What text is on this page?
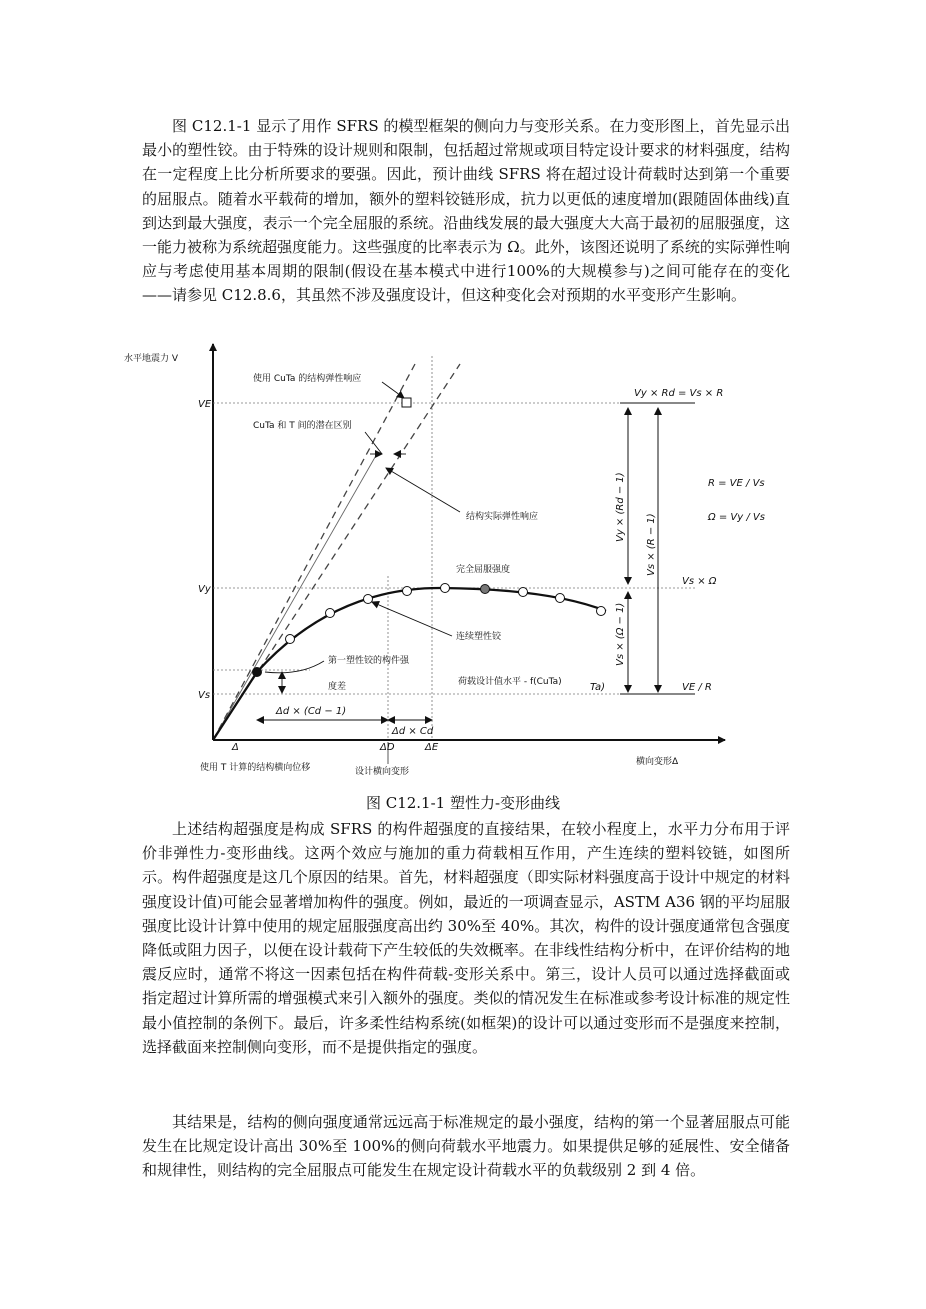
图 C12.1-1 显示了用作 SFRS 的模型框架的侧向力与变形关系。在力变形图上，首先显示出最小的塑性铰。由于特殊的设计规则和限制，包括超过常规或项目特定设计要求的材料强度，结构在一定程度上比分析所要求的要强。因此，预计曲线 SFRS 将在超过设计荷载时达到第一个重要的屈服点。随着水平载荷的增加，额外的塑料铰链形成，抗力以更低的速度增加(跟随固体曲线)直到达到最大强度，表示一个完全屈服的系统。沿曲线发展的最大强度大大高于最初的屈服强度，这一能力被称为系统超强度能力。这些强度的比率表示为 Ω。此外，该图还说明了系统的实际弹性响应与考虑使用基本周期的限制(假设在基本模式中进行100%的大规模参与)之间可能存在的变化——请参见 C12.8.6，其虽然不涉及强度设计，但这种变化会对预期的水平变形产生影响。

VE
Vy
Vs
水平地震力 V
使用 CuTa 的结构弹性响应
CuTa 和 T 间的潜在区别
结构实际弹性响应
完全屈服强度
连续塑性铰
第一塑性铰的构件强
度差	荷载设计值水平 - f(CuTa)	Ta)
Δd × (Cd − 1)
Δd × Cd
Δ	ΔD	ΔE
使用 T 计算的结构横向位移	设计横向变形
横向变形Δ
Vy × (Rd − 1)
Vs × (R − 1)
Vs × (Ω − 1)
Vy × Rd = Vs × R
Vs × Ω
VE / R
R = VE / Vs
Ω = Vy / Vs

图 C12.1-1 塑性力-变形曲线

上述结构超强度是构成 SFRS 的构件超强度的直接结果，在较小程度上，水平力分布用于评价非弹性力-变形曲线。这两个效应与施加的重力荷载相互作用，产生连续的塑料铰链，如图所示。构件超强度是这几个原因的结果。首先，材料超强度（即实际材料强度高于设计中规定的材料强度设计值)可能会显著增加构件的强度。例如，最近的一项调查显示，ASTM A36 钢的平均屈服强度比设计计算中使用的规定屈服强度高出约 30%至 40%。其次，构件的设计强度通常包含强度降低或阻力因子，以便在设计载荷下产生较低的失效概率。在非线性结构分析中，在评价结构的地震反应时，通常不将这一因素包括在构件荷载-变形关系中。第三，设计人员可以通过选择截面或指定超过计算所需的增强模式来引入额外的强度。类似的情况发生在标准或参考设计标准的规定性最小值控制的条例下。最后，许多柔性结构系统(如框架)的设计可以通过变形而不是强度来控制，选择截面来控制侧向变形，而不是提供指定的强度。

其结果是，结构的侧向强度通常远远高于标准规定的最小强度，结构的第一个显著屈服点可能发生在比规定设计高出 30%至 100%的侧向荷载水平地震力。如果提供足够的延展性、安全储备和规律性，则结构的完全屈服点可能发生在规定设计荷载水平的负载级别 2 到 4 倍。
